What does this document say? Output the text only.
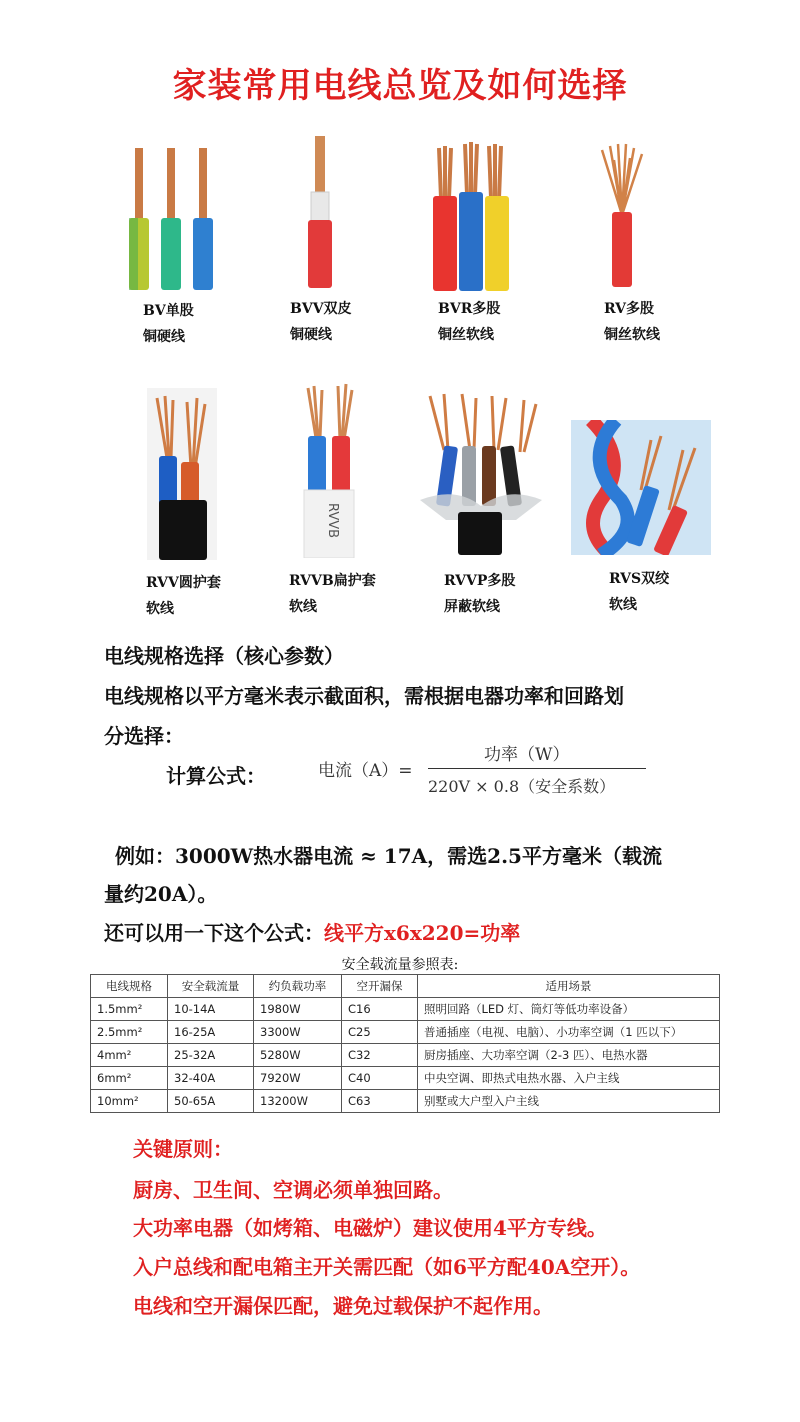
家装常用电线总览及如何选择
BV单股
铜硬线
BVV双皮
铜硬线
BVR多股
铜丝软线
RV多股
铜丝软线
RVVB
RVV圆护套
软线
RVVB扁护套
软线
RVVP多股
屏蔽软线
RVS双绞
软线
电线规格选择（核心参数）
电线规格以平方毫米表示截面积，需根据电器功率和回路划
分选择：
计算公式：	电流（A）=
功率（W）
220V × 0.8（安全系数）
例如：3000W热水器电流 ≈ 17A，需选2.5平方毫米（载流
量约20A）。
还可以用一下这个公式：线平方x6x220=功率
安全载流量参照表:
电线规格	安全载流量	约负载功率	空开漏保	适用场景
1.5mm²	10-14A	1980W	C16	照明回路（LED 灯、筒灯等低功率设备）
2.5mm²	16-25A	3300W	C25	普通插座（电视、电脑）、小功率空调（1 匹以下）
4mm²	25-32A	5280W	C32	厨房插座、大功率空调（2-3 匹）、电热水器
6mm²	32-40A	7920W	C40	中央空调、即热式电热水器、入户主线
10mm²	50-65A	13200W	C63	别墅或大户型入户主线
关键原则：
厨房、卫生间、空调必须单独回路。
大功率电器（如烤箱、电磁炉）建议使用4平方专线。
入户总线和配电箱主开关需匹配（如6平方配40A空开）。
电线和空开漏保匹配，避免过载保护不起作用。
